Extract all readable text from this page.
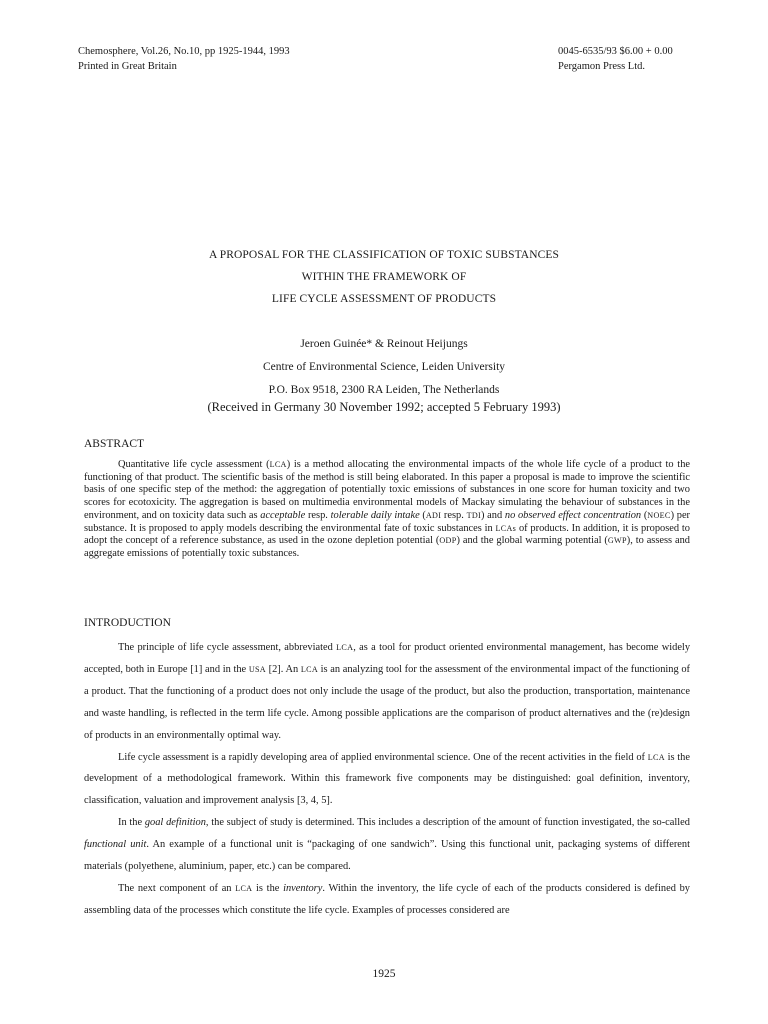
Chemosphere, Vol.26, No.10, pp 1925-1944, 1993
Printed in Great Britain
0045-6535/93 $6.00 + 0.00
Pergamon Press Ltd.
A PROPOSAL FOR THE CLASSIFICATION OF TOXIC SUBSTANCES
WITHIN THE FRAMEWORK OF
LIFE CYCLE ASSESSMENT OF PRODUCTS
Jeroen Guinée* & Reinout Heijungs
Centre of Environmental Science, Leiden University
P.O. Box 9518, 2300 RA Leiden, The Netherlands
(Received in Germany 30 November 1992; accepted 5 February 1993)
ABSTRACT

Quantitative life cycle assessment (LCA) is a method allocating the environmental impacts of the whole life cycle of a product to the functioning of that product. The scientific basis of the method is still being elaborated. In this paper a proposal is made to improve the scientific basis of one specific step of the method: the aggregation of potentially toxic emissions of substances in one score for human toxicity and two scores for ecotoxicity. The aggregation is based on multimedia environmental models of Mackay simulating the behaviour of substances in the environment, and on toxicity data such as acceptable resp. tolerable daily intake (ADI resp. TDI) and no observed effect concentration (NOEC) per substance. It is proposed to apply models describing the environmental fate of toxic substances in LCAs of products. In addition, it is proposed to adopt the concept of a reference substance, as used in the ozone depletion potential (ODP) and the global warming potential (GWP), to assess and aggregate emissions of potentially toxic substances.

INTRODUCTION

The principle of life cycle assessment, abbreviated LCA, as a tool for product oriented environmental management, has become widely accepted, both in Europe [1] and in the USA [2]. An LCA is an analyzing tool for the assessment of the environmental impact of the functioning of a product. That the functioning of a product does not only include the usage of the product, but also the production, transportation, maintenance and waste handling, is reflected in the term life cycle. Among possible applications are the comparison of product alternatives and the (re)design of products in an environmentally optimal way.

Life cycle assessment is a rapidly developing area of applied environmental science. One of the recent activities in the field of LCA is the development of a methodological framework. Within this framework five components may be distinguished: goal definition, inventory, classification, valuation and improvement analysis [3, 4, 5].

In the goal definition, the subject of study is determined. This includes a description of the amount of function investigated, the so-called functional unit. An example of a functional unit is “packaging of one sandwich”. Using this functional unit, packaging systems of different materials (polyethene, aluminium, paper, etc.) can be compared.

The next component of an LCA is the inventory. Within the inventory, the life cycle of each of the products considered is defined by assembling data of the processes which constitute the life cycle. Examples of processes considered are

1925
